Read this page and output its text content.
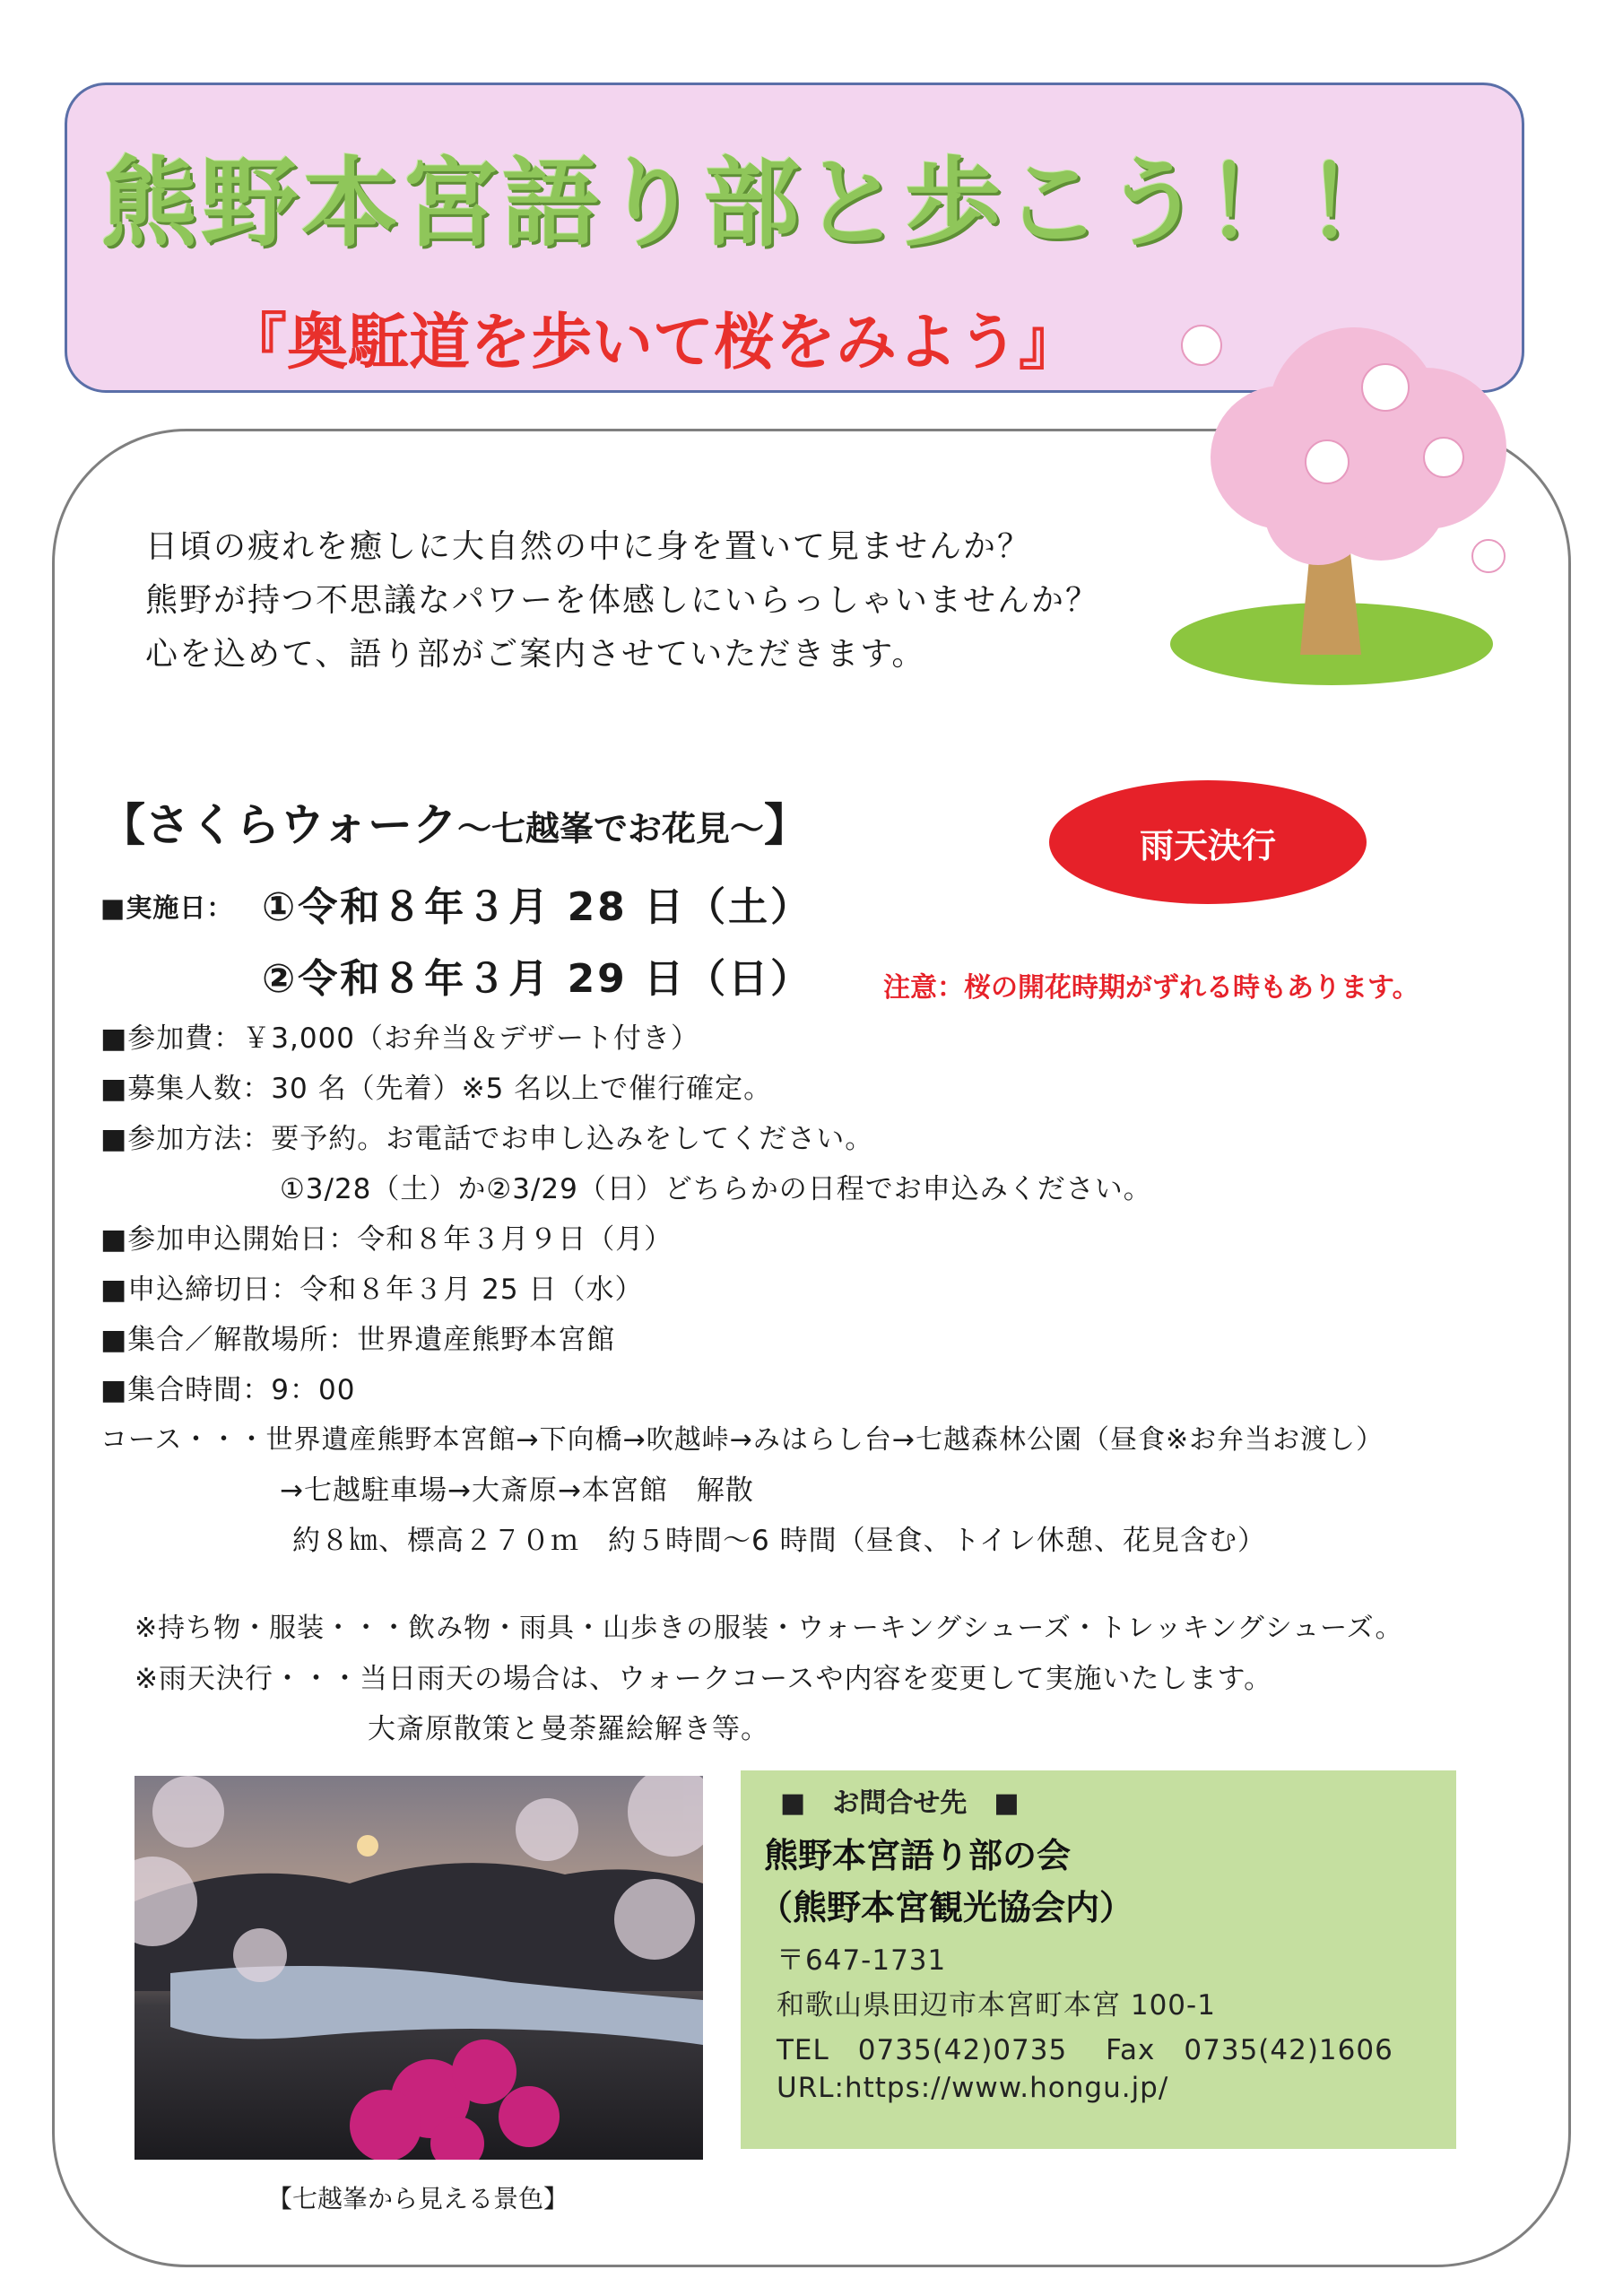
熊野本宮語り部と歩こう！！
『奥駈道を歩いて桜をみよう』
日頃の疲れを癒しに大自然の中に身を置いて見ませんか？
熊野が持つ不思議なパワーを体感しにいらっしゃいませんか？
心を込めて、語り部がご案内させていただきます。
雨天決行
【さくらウォーク～七越峯でお花見～】
■実施日： ①令和８年３月 28 日（土）
②令和８年３月 29 日（日）	注意：桜の開花時期がずれる時もあります。
■参加費：￥3,000（お弁当＆デザート付き）
■募集人数：30 名（先着）※5 名以上で催行確定。
■参加方法：要予約。お電話でお申し込みをしてください。
①3/28（土）か②3/29（日）どちらかの日程でお申込みください。
■参加申込開始日：令和８年３月９日（月）
■申込締切日：令和８年３月 25 日（水）
■集合／解散場所：世界遺産熊野本宮館
■集合時間：9：00
コース・・・世界遺産熊野本宮館→下向橋→吹越峠→みはらし台→七越森林公園（昼食※お弁当お渡し）
→七越駐車場→大斎原→本宮館　解散
約８㎞、標高２７０ｍ　約５時間～6 時間（昼食、トイレ休憩、花見含む）
※持ち物・服装・・・飲み物・雨具・山歩きの服装・ウォーキングシューズ・トレッキングシューズ。
※雨天決行・・・当日雨天の場合は、ウォークコースや内容を変更して実施いたします。
大斎原散策と曼荼羅絵解き等。
【七越峯から見える景色】
■　お問合せ先　■
熊野本宮語り部の会
（熊野本宮観光協会内）
〒647-1731
和歌山県田辺市本宮町本宮 100-1
TEL　0735(42)0735　 Fax　0735(42)1606
URL:https://www.hongu.jp/
